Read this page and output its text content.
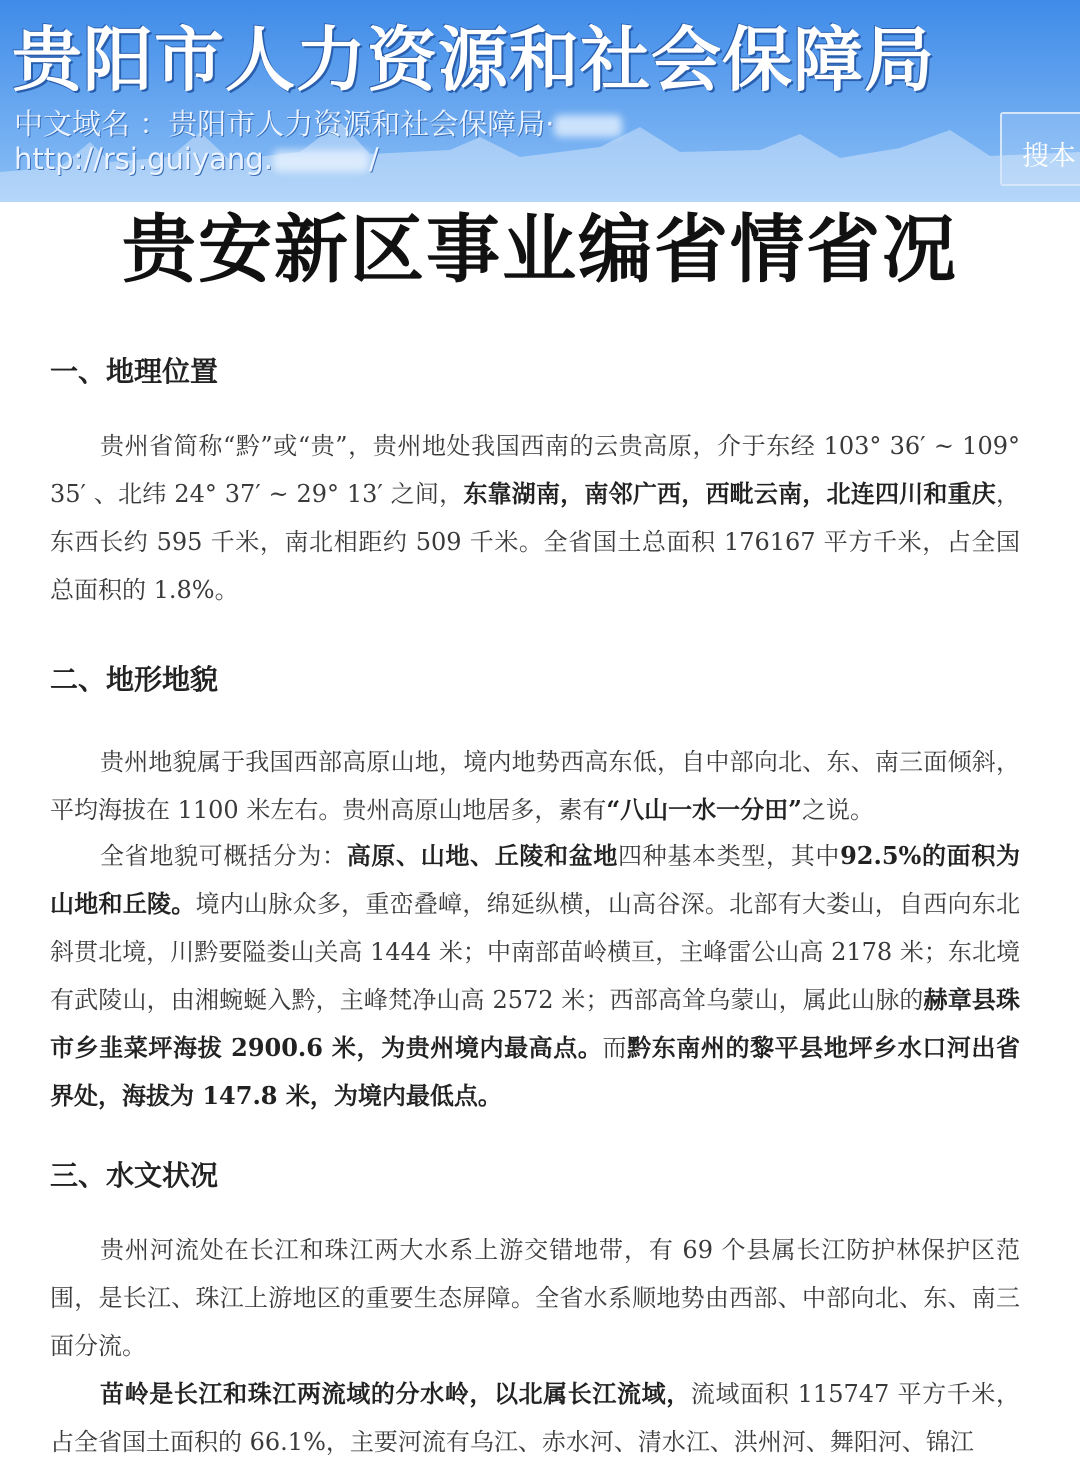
贵阳市人力资源和社会保障局
中文域名 ：贵阳市人力资源和社会保障局·
http://rsj.guiyang.	/	搜本
贵安新区事业编省情省况
一、地理位置

贵州省简称“黔”或“贵”，贵州地处我国西南的云贵高原，介于东经 103° 36′ ~ 109° 35′ 、北纬 24° 37′ ~ 29° 13′ 之间，东靠湖南，南邻广西，西毗云南，北连四川和重庆，东西长约 595 千米，南北相距约 509 千米。全省国土总面积 176167 平方千米，占全国总面积的 1.8%。

二、地形地貌

贵州地貌属于我国西部高原山地，境内地势西高东低，自中部向北、东、南三面倾斜，平均海拔在 1100 米左右。贵州高原山地居多，素有“八山一水一分田”之说。

全省地貌可概括分为：高原、山地、丘陵和盆地四种基本类型，其中92.5%的面积为山地和丘陵。境内山脉众多，重峦叠嶂，绵延纵横，山高谷深。北部有大娄山，自西向东北斜贯北境，川黔要隘娄山关高 1444 米；中南部苗岭横亘，主峰雷公山高 2178 米；东北境有武陵山，由湘蜿蜒入黔，主峰梵净山高 2572 米；西部高耸乌蒙山，属此山脉的赫章县珠市乡韭菜坪海拔 2900.6 米，为贵州境内最高点。而黔东南州的黎平县地坪乡水口河出省界处，海拔为 147.8 米，为境内最低点。

三、水文状况

贵州河流处在长江和珠江两大水系上游交错地带，有 69 个县属长江防护林保护区范围，是长江、珠江上游地区的重要生态屏障。全省水系顺地势由西部、中部向北、东、南三面分流。

苗岭是长江和珠江两流域的分水岭，以北属长江流域，流域面积 115747 平方千米，占全省国土面积的 66.1%，主要河流有乌江、赤水河、清水江、洪州河、舞阳河、锦江
